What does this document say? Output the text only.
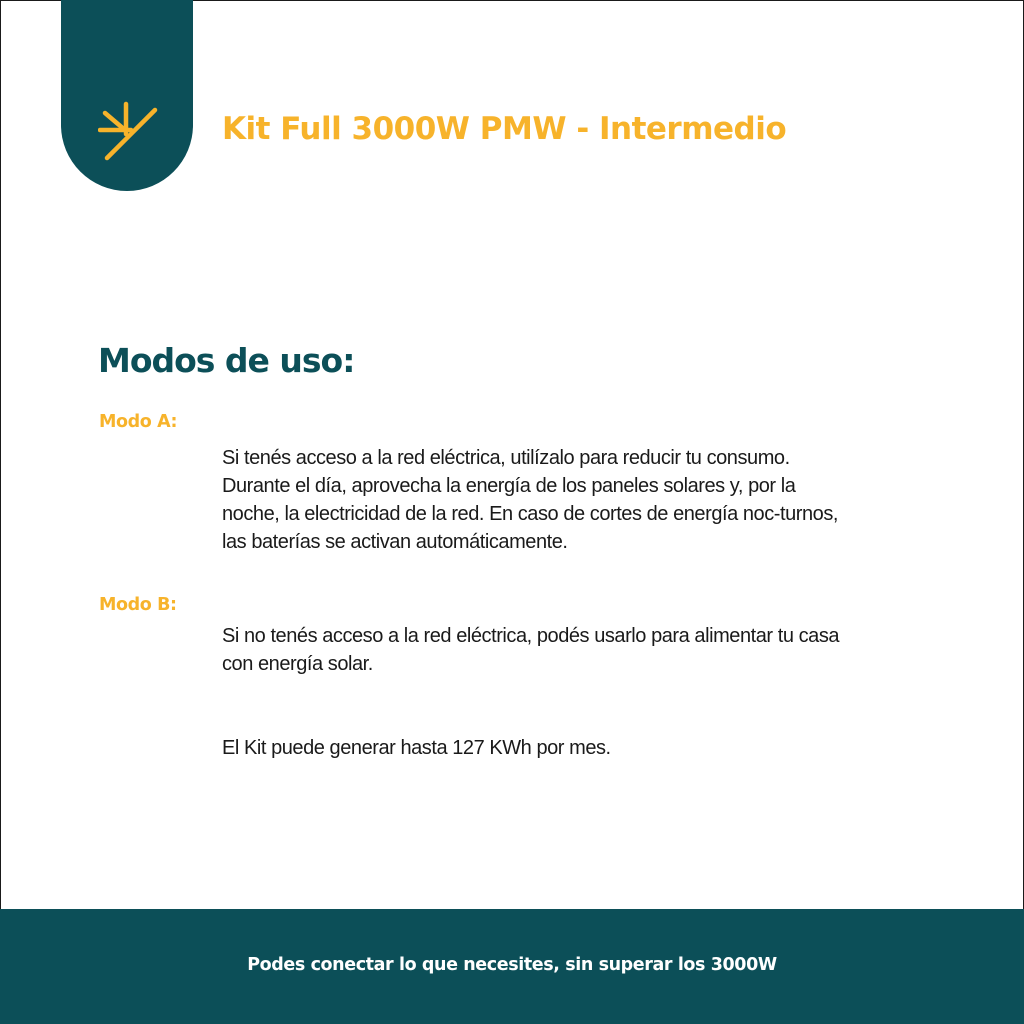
Kit Full 3000W PMW - Intermedio
Modos de uso:
Modo A:

Si tenés acceso a la red eléctrica, utilízalo para reducir tu consumo. Durante el día, aprovecha la energía de los paneles solares y, por la noche, la electricidad de la red. En caso de cortes de energía noc-turnos, las baterías se activan automáticamente.

Modo B:

Si no tenés acceso a la red eléctrica, podés usarlo para alimentar tu casa con energía solar.

El Kit puede generar hasta 127 KWh por mes.

Podes conectar lo que necesites, sin superar los 3000W
